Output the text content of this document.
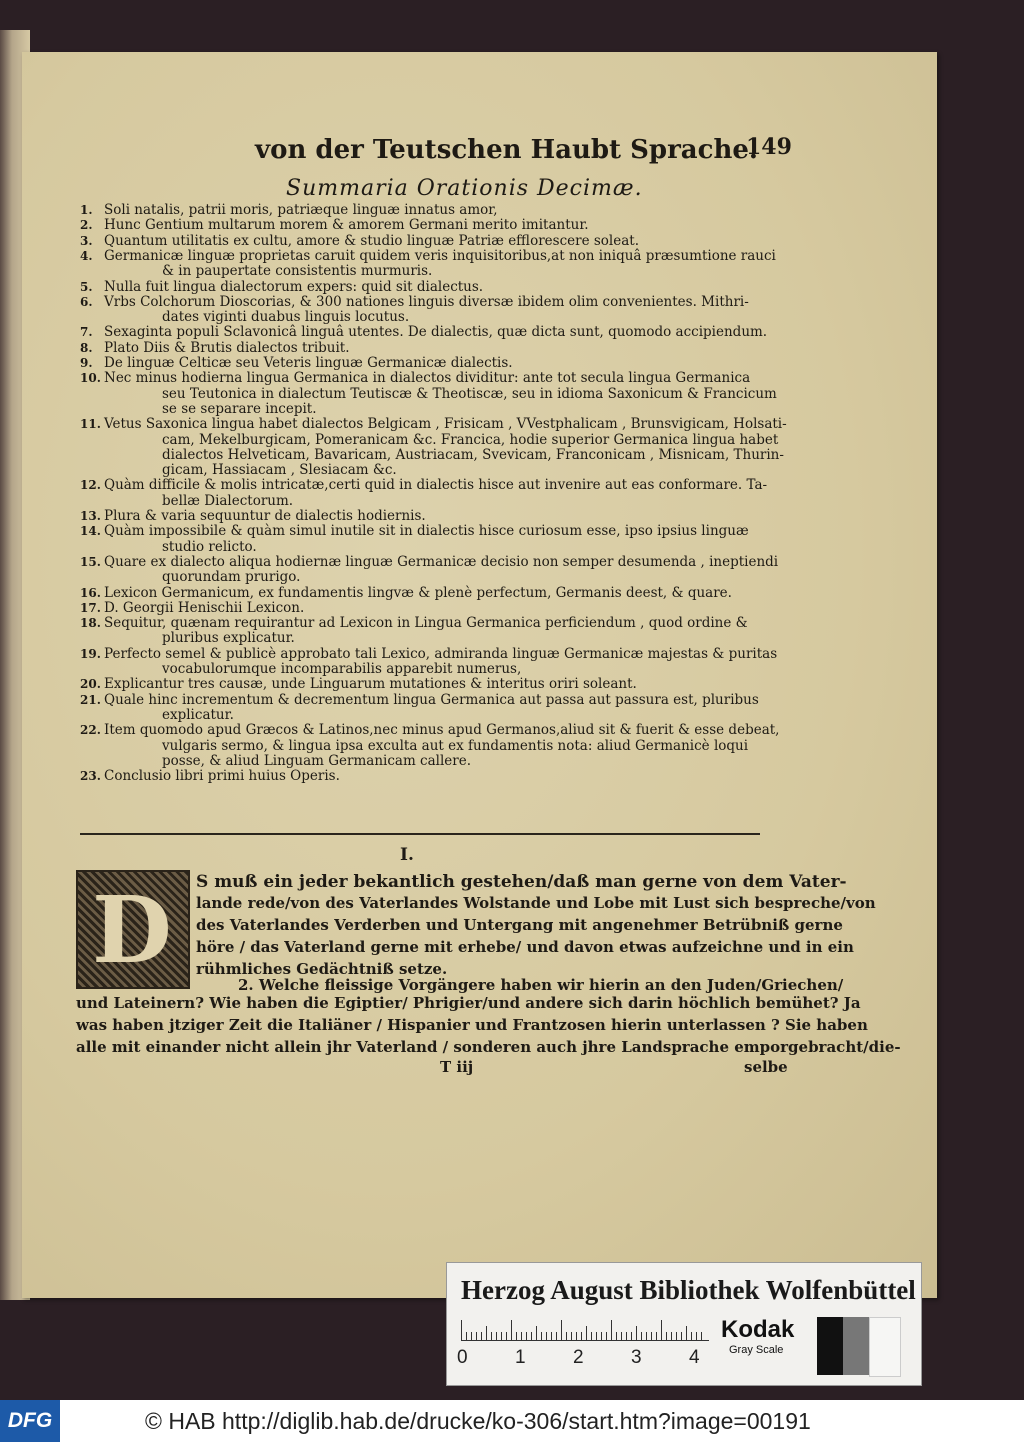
von der Teutschen Haubt Sprache.
149
Summaria Orationis Decimæ.
1. Soli natalis, patrii moris, patriæque linguæ innatus amor,
2. Hunc Gentium multarum morem & amorem Germani merito imitantur.
3. Quantum utilitatis ex cultu, amore & studio linguæ Patriæ efflorescere soleat.
4. Germanicæ linguæ proprietas caruit quidem veris inquisitoribus,at non iniquâ præsumtione rauci
& in paupertate consistentis murmuris.
5. Nulla fuit lingua dialectorum expers: quid sit dialectus.
6. Vrbs Colchorum Dioscorias, & 300 nationes linguis diversæ ibidem olim convenientes. Mithri-
dates viginti duabus linguis locutus.
7. Sexaginta populi Sclavonicâ linguâ utentes. De dialectis, quæ dicta sunt, quomodo accipiendum.
8. Plato Diis & Brutis dialectos tribuit.
9. De linguæ Celticæ seu Veteris linguæ Germanicæ dialectis.
10. Nec minus hodierna lingua Germanica in dialectos dividitur: ante tot secula lingua Germanica
seu Teutonica in dialectum Teutiscæ & Theotiscæ, seu in idioma Saxonicum & Francicum
se se separare incepit.
11. Vetus Saxonica lingua habet dialectos Belgicam , Frisicam , VVestphalicam , Brunsvigicam, Holsati-
cam, Mekelburgicam, Pomeranicam &c. Francica, hodie superior Germanica lingua habet
dialectos Helveticam, Bavaricam, Austriacam, Svevicam, Franconicam , Misnicam, Thurin-
gicam, Hassiacam , Slesiacam &c.
12. Quàm difficile & molis intricatæ,certi quid in dialectis hisce aut invenire aut eas conformare. Ta-
bellæ Dialectorum.
13. Plura & varia sequuntur de dialectis hodiernis.
14. Quàm impossibile & quàm simul inutile sit in dialectis hisce curiosum esse, ipso ipsius linguæ
studio relicto.
15. Quare ex dialecto aliqua hodiernæ linguæ Germanicæ decisio non semper desumenda , ineptiendi
quorundam prurigo.
16. Lexicon Germanicum, ex fundamentis lingvæ & plenè perfectum, Germanis deest, & quare.
17. D. Georgii Henischii Lexicon.
18. Sequitur, quænam requirantur ad Lexicon in Lingua Germanica perficiendum , quod ordine &
pluribus explicatur.
19. Perfecto semel & publicè approbato tali Lexico, admiranda linguæ Germanicæ majestas & puritas
vocabulorumque incomparabilis apparebit numerus,
20. Explicantur tres causæ, unde Linguarum mutationes & interitus oriri soleant.
21. Quale hinc incrementum & decrementum lingua Germanica aut passa aut passura est, pluribus
explicatur.
22. Item quomodo apud Græcos & Latinos,nec minus apud Germanos,aliud sit & fuerit & esse debeat,
vulgaris sermo, & lingua ipsa exculta aut ex fundamentis nota: aliud Germanicè loqui
posse, & aliud Linguam Germanicam callere.
23. Conclusio libri primi huius Operis.
I.
D S muß ein jeder bekantlich gestehen/daß man gerne von dem Vater-
lande rede/von des Vaterlandes Wolstande und Lobe mit Lust sich bespreche/von
des Vaterlandes Verderben und Untergang mit angenehmer Betrübniß gerne
höre / das Vaterland gerne mit erhebe/ und davon etwas aufzeichne und in ein
rühmliches Gedächtniß setze.
2. Welche fleissige Vorgängere haben wir hierin an den Juden/Griechen/
und Lateinern? Wie haben die Egiptier/ Phrigier/und andere sich darin höchlich bemühet? Ja
was haben jtziger Zeit die Italiäner / Hispanier und Frantzosen hierin unterlassen ? Sie haben
alle mit einander nicht allein jhr Vaterland / sonderen auch jhre Landsprache emporgebracht/die-
T iij	selbe
Herzog August Bibliothek Wolfenbüttel
0 1 2 3 4
Kodak
Gray Scale
DFG	© HAB http://diglib.hab.de/drucke/ko-306/start.htm?image=00191
